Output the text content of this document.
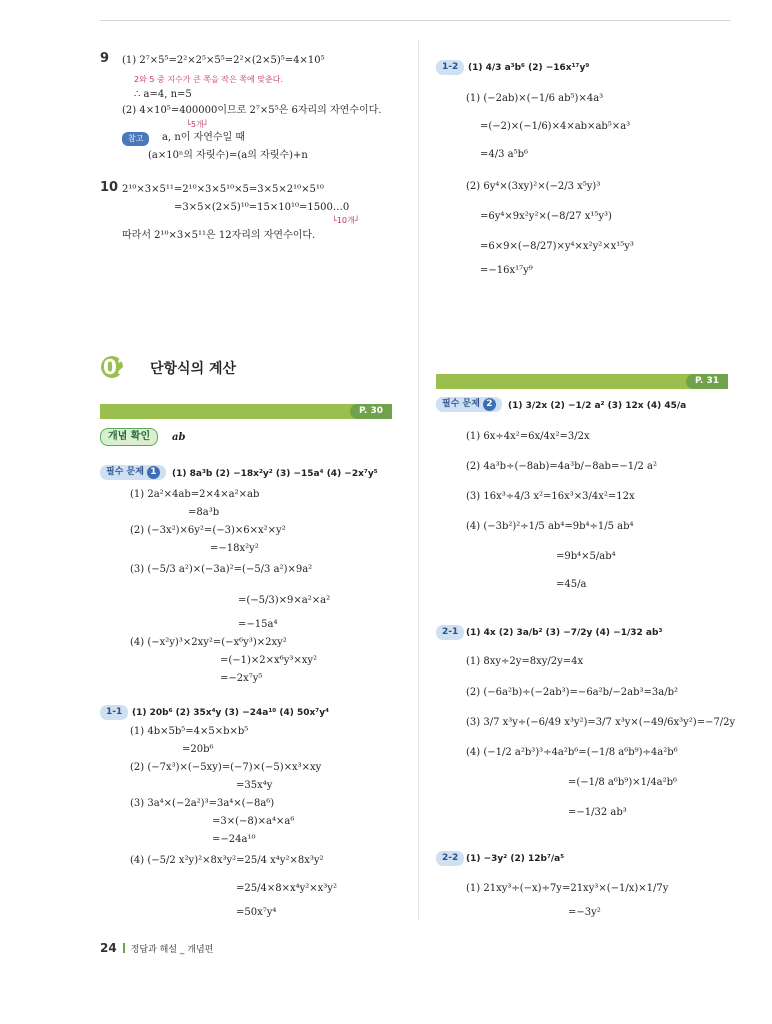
9 (1) 2⁷×5⁵=2²×2⁵×5⁵=2²×(2×5)⁵=4×10⁵
2와 5 중 지수가 큰 쪽을 작은 쪽에 맞춘다.
∴ a=4, n=5
(2) 4×10⁵=400000이므로 2⁷×5⁵은 6자리의 자연수이다.
└5개┘
참고	a, n이 자연수일 때
(a×10ⁿ의 자릿수)=(a의 자릿수)+n
10 2¹⁰×3×5¹¹=2¹⁰×3×5¹⁰×5=3×5×2¹⁰×5¹⁰
=3×5×(2×5)¹⁰=15×10¹⁰=1500…0
└10개┘
따라서 2¹⁰×3×5¹¹은 12자리의 자연수이다.
02 단항식의 계산
P. 30
개념 확인	ab
필수 문제 1	(1) 8a³b (2) −18x²y² (3) −15a⁴ (4) −2x⁷y⁵
(1) 2a²×4ab=2×4×a²×ab
=8a³b
(2) (−3x²)×6y²=(−3)×6×x²×y²
=−18x²y²
(3) (−5/3 a²)×(−3a)²=(−5/3 a²)×9a²
=(−5/3)×9×a²×a²
=−15a⁴
(4) (−x²y)³×2xy²=(−x⁶y³)×2xy²
=(−1)×2×x⁶y³×xy²
=−2x⁷y⁵
1-1	(1) 20b⁶ (2) 35x⁴y (3) −24a¹⁰ (4) 50x⁷y⁴
(1) 4b×5b⁵=4×5×b×b⁵
=20b⁶
(2) (−7x³)×(−5xy)=(−7)×(−5)×x³×xy
=35x⁴y
(3) 3a⁴×(−2a²)³=3a⁴×(−8a⁶)
=3×(−8)×a⁴×a⁶
=−24a¹⁰
(4) (−5/2 x²y)²×8x³y²=25/4 x⁴y²×8x³y²
=25/4×8×x⁴y²×x³y²
=50x⁷y⁴
1-2	(1) 4/3 a³b⁶ (2) −16x¹⁷y⁹
(1) (−2ab)×(−1/6 ab⁵)×4a³
=(−2)×(−1/6)×4×ab×ab⁵×a³
=4/3 a⁵b⁶
(2) 6y⁴×(3xy)²×(−2/3 x⁵y)³
=6y⁴×9x²y²×(−8/27 x¹⁵y³)
=6×9×(−8/27)×y⁴×x²y²×x¹⁵y³
=−16x¹⁷y⁹
P. 31
필수 문제 2	(1) 3/2x (2) −1/2 a² (3) 12x (4) 45/a
(1) 6x÷4x²=6x/4x²=3/2x
(2) 4a³b÷(−8ab)=4a³b/−8ab=−1/2 a²
(3) 16x³÷4/3 x²=16x³×3/4x²=12x
(4) (−3b²)²÷1/5 ab⁴=9b⁴÷1/5 ab⁴
=9b⁴×5/ab⁴
=45/a
2-1 (1) 4x (2) 3a/b² (3) −7/2y (4) −1/32 ab³
(1) 8xy÷2y=8xy/2y=4x
(2) (−6a²b)÷(−2ab³)=−6a²b/−2ab³=3a/b²
(3) 3/7 x³y÷(−6/49 x³y²)=3/7 x³y×(−49/6x³y²)=−7/2y
(4) (−1/2 a²b³)³÷4a²b⁶=(−1/8 a⁶b⁹)÷4a²b⁶
=(−1/8 a⁶b⁹)×1/4a²b⁶
=−1/32 ab³
2-2 (1) −3y² (2) 12b⁷/a⁵
(1) 21xy³÷(−x)÷7y=21xy³×(−1/x)×1/7y
=−3y²
24 정답과 해설 _ 개념편
